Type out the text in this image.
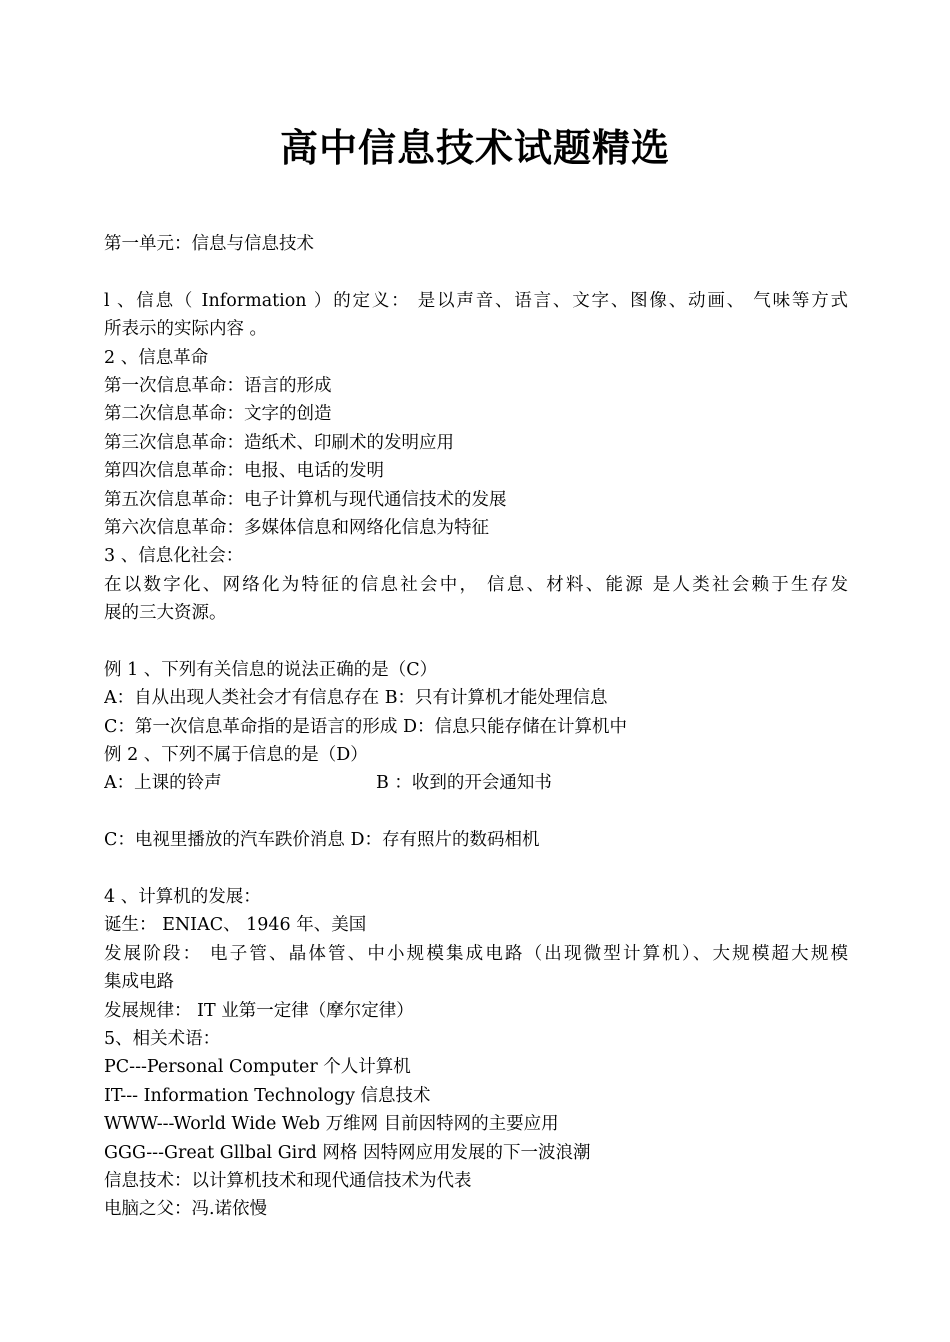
高中信息技术试题精选
第一单元：信息与信息技术
l 、信息（ Information ）的定义： 是以声音、语言、文字、图像、动画、 气味等方式
所表示的实际内容 。
2 、信息革命
第一次信息革命：语言的形成
第二次信息革命：文字的创造
第三次信息革命：造纸术、印刷术的发明应用
第四次信息革命：电报、电话的发明
第五次信息革命：电子计算机与现代通信技术的发展
第六次信息革命：多媒体信息和网络化信息为特征
3 、信息化社会：
在以数字化、网络化为特征的信息社会中， 信息、材料、能源 是人类社会赖于生存发
展的三大资源。
例 1 、下列有关信息的说法正确的是（C）
A：自从出现人类社会才有信息存在 B：只有计算机才能处理信息
C：第一次信息革命指的是语言的形成 D：信息只能存储在计算机中
例 2 、下列不属于信息的是（D）
A：上课的铃声	B ：收到的开会通知书
C：电视里播放的汽车跌价消息 D：存有照片的数码相机
4 、计算机的发展：
诞生： ENIAC、 1946 年、美国
发展阶段： 电子管、晶体管、中小规模集成电路（出现微型计算机）、大规模超大规模
集成电路
发展规律： IT 业第一定律（摩尔定律）
5、相关术语：
PC---Personal Computer 个人计算机
IT--- Information Technology 信息技术
WWW---World Wide Web 万维网 目前因特网的主要应用
GGG---Great Gllbal Gird 网格 因特网应用发展的下一波浪潮
信息技术：以计算机技术和现代通信技术为代表
电脑之父：冯.诺依慢
